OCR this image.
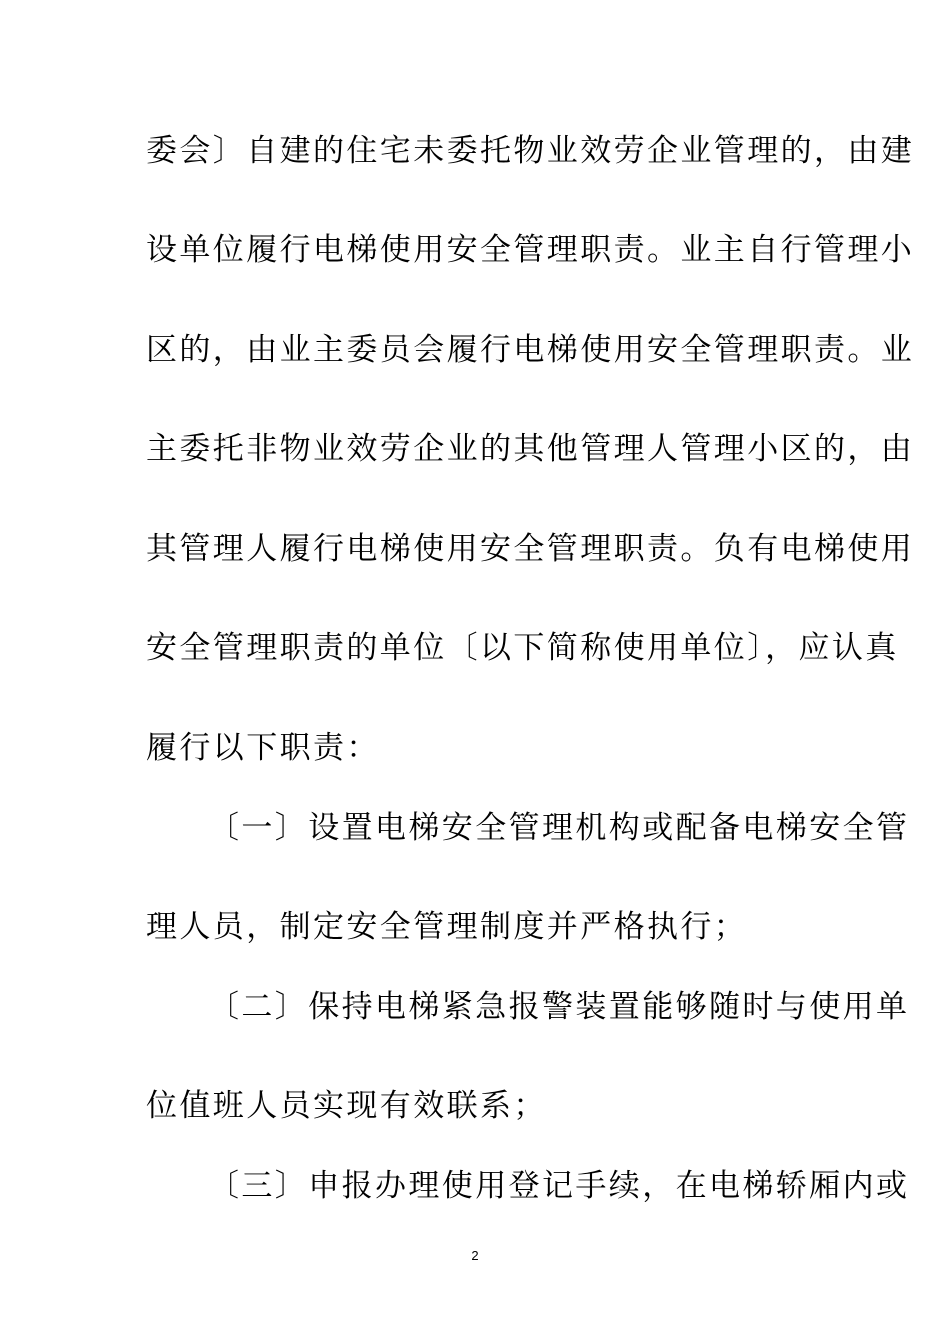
委会〕自建的住宅未委托物业效劳企业管理的，由建
设单位履行电梯使用安全管理职责。业主自行管理小
区的，由业主委员会履行电梯使用安全管理职责。业
主委托非物业效劳企业的其他管理人管理小区的，由
其管理人履行电梯使用安全管理职责。负有电梯使用
安全管理职责的单位〔以下简称使用单位〕，应认真
履行以下职责：
〔一〕设置电梯安全管理机构或配备电梯安全管
理人员，制定安全管理制度并严格执行；
〔二〕保持电梯紧急报警装置能够随时与使用单
位值班人员实现有效联系；
〔三〕申报办理使用登记手续，在电梯轿厢内或
2
